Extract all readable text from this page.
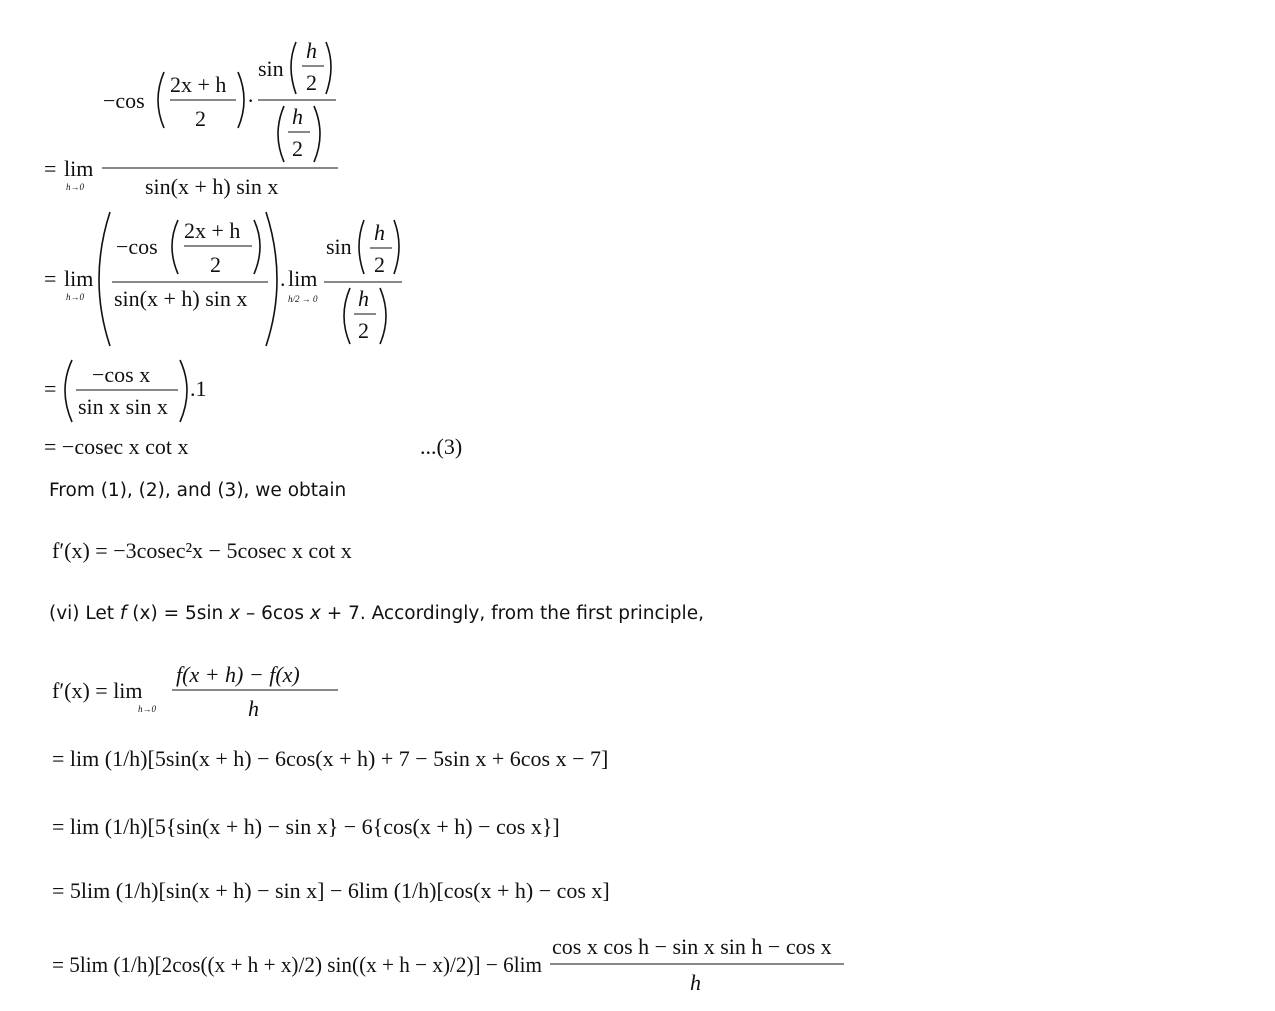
= lim
h→0
−cos
2x + h
2
·
sin
h
2
h
2
sin(x + h) sin x
= lim
h→0
−cos
2x + h
2
sin(x + h) sin x
. lim
h/2 → 0
sin
h
2
h
2
=
−cos x
sin x sin x
.1
= −cosec x cot x	...(3)
f′(x) = −3cosec²x − 5cosec x cot x
f′(x) = lim
h→0
f(x + h) − f(x)
h
= lim (1/h)[5sin(x + h) − 6cos(x + h) + 7 − 5sin x + 6cos x − 7]
= lim (1/h)[5{sin(x + h) − sin x} − 6{cos(x + h) − cos x}]
= 5lim (1/h)[sin(x + h) − sin x] − 6lim (1/h)[cos(x + h) − cos x]
= 5lim (1/h)[2cos((x + h + x)/2) sin((x + h − x)/2)] − 6lim
cos x cos h − sin x sin h − cos x
h
From (1), (2), and (3), we obtain
(vi) Let f (x) = 5sin x – 6cos x + 7. Accordingly, from the first principle,
